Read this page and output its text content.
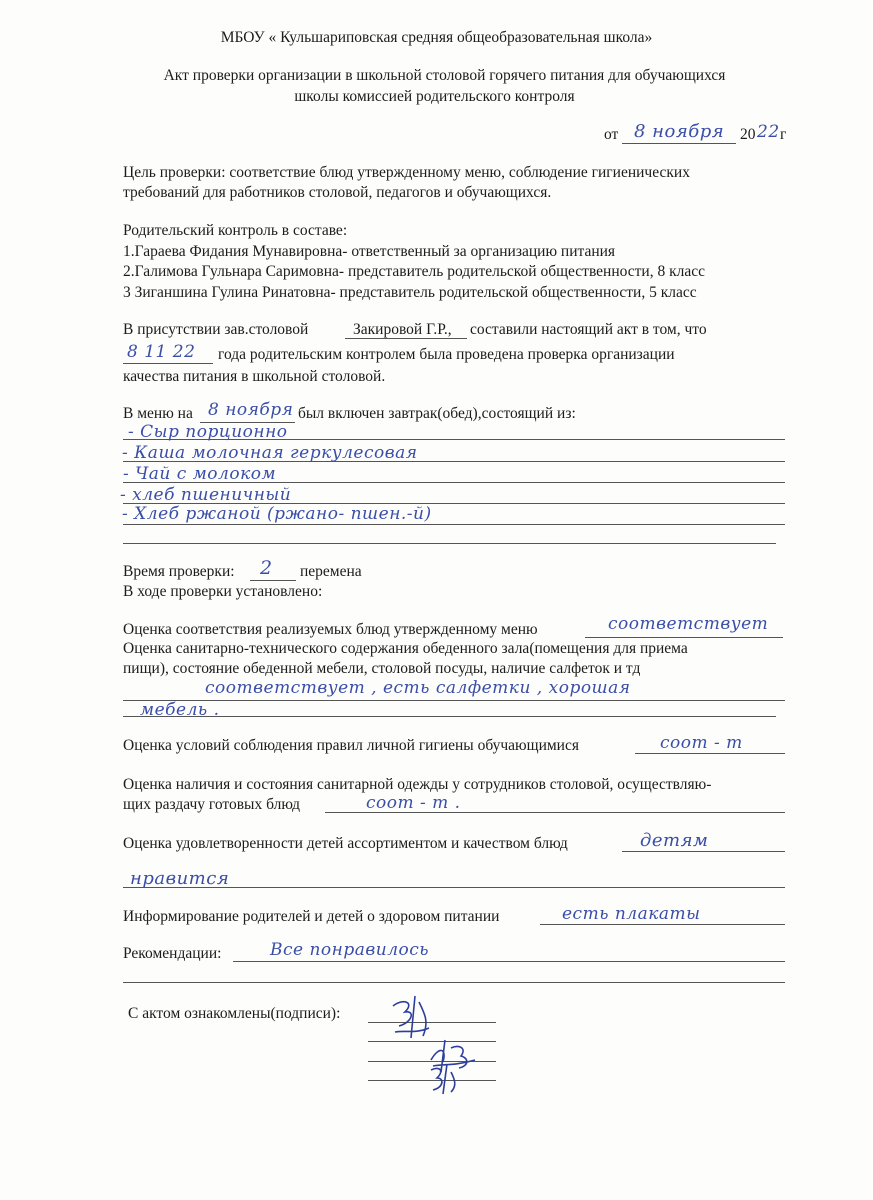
МБОУ « Кульшариповская средняя общеобразовательная школа»
Акт проверки организации в школьной столовой горячего питания для обучающихся
школы комиссией родительского контроля
от 8 ноября 20 22 г
Цель проверки: соответствие блюд утвержденному меню, соблюдение гигиенических
требований для работников столовой, педагогов и обучающихся.
Родительский контроль в составе:
1.Гараева Фидания Мунавировна- ответственный за организацию питания
2.Галимова Гульнара Саримовна- представитель родительской общественности, 8 класс
3 Зиганшина Гулина Ринатовна- представитель родительской общественности, 5 класс
В присутствии зав.столовой	Закировой Г.Р., составили настоящий акт в том, что
8 11 22 года родительским контролем была проведена проверка организации
качества питания в школьной столовой.
В меню на 8 ноября был включен завтрак(обед),состоящий из:
- Сыр порционно
- Каша молочная геркулесовая
- Чай с молоком
- хлеб пшеничный
- Хлеб ржаной (ржано- пшен.-й)
Время проверки: 2 перемена
В ходе проверки установлено:
Оценка соответствия реализуемых блюд утвержденному меню	соответствует
Оценка санитарно-технического содержания обеденного зала(помещения для приема
пищи), состояние обеденной мебели, столовой посуды, наличие салфеток и тд
соответствует , есть салфетки , хорошая
мебель .
Оценка условий соблюдения правил личной гигиены обучающимися	соот - т
Оценка наличия и состояния санитарной одежды у сотрудников столовой, осуществляю-
щих раздачу готовых блюд	соот - т .
Оценка удовлетворенности детей ассортиментом и качеством блюд	детям
нравится
Информирование родителей и детей о здоровом питании	есть плакаты
Рекомендации:	Все понравилось
С актом ознакомлены(подписи):
